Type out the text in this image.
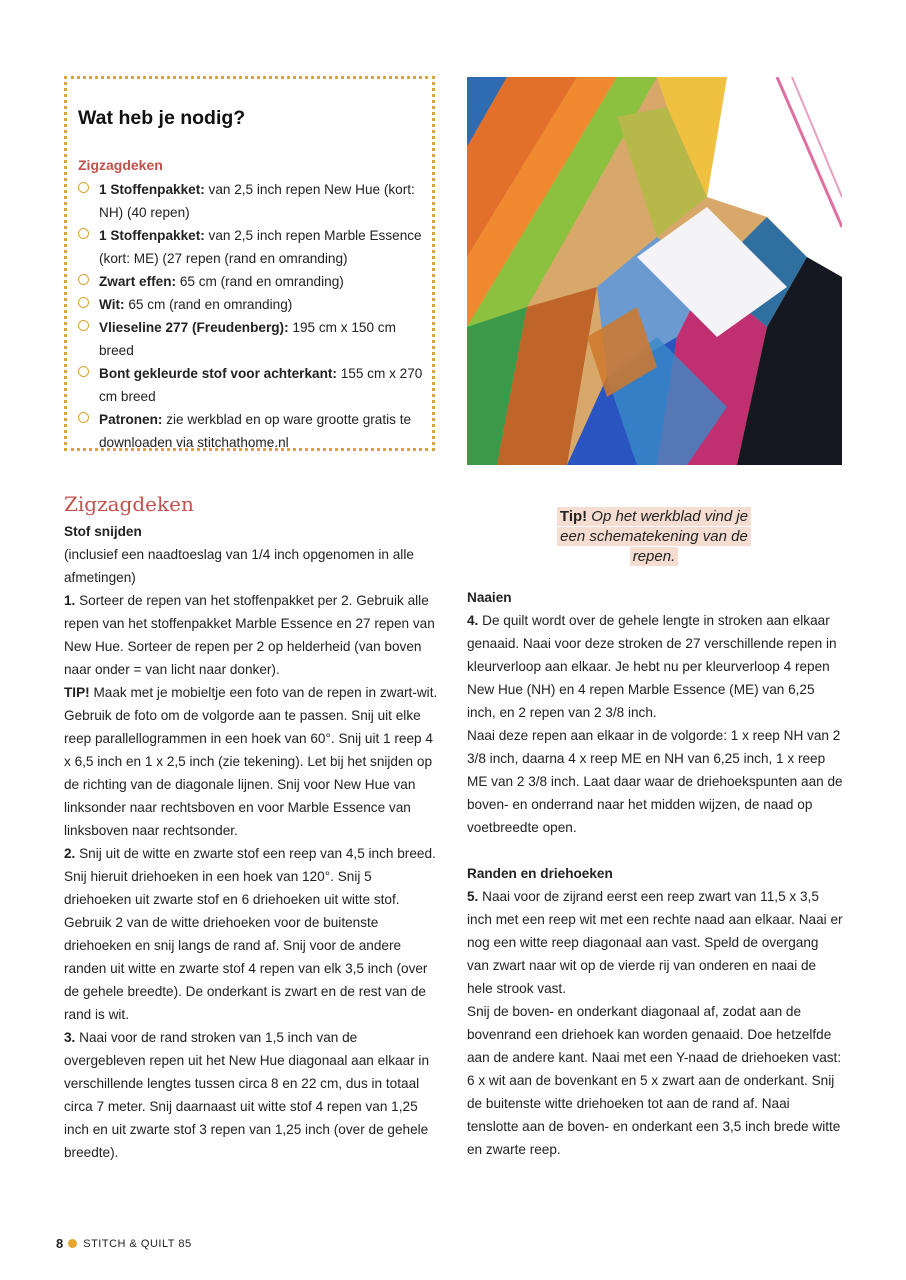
Wat heb je nodig?
Zigzagdeken
1 Stoffenpakket: van 2,5 inch repen New Hue (kort: NH) (40 repen)
1 Stoffenpakket: van 2,5 inch repen Marble Essence (kort: ME) (27 repen (rand en omranding)
Zwart effen: 65 cm (rand en omranding)
Wit: 65 cm (rand en omranding)
Vlieseline 277 (Freudenberg): 195 cm x 150 cm breed
Bont gekleurde stof voor achterkant: 155 cm x 270 cm breed
Patronen: zie werkblad en op ware grootte gratis te downloaden via stitchathome.nl
Tip! Op het werkblad vind je een schematekening van de repen.
Zigzagdeken

Stof snijden

(inclusief een naadtoeslag van 1/4 inch opgenomen in alle afmetingen)

1. Sorteer de repen van het stoffenpakket per 2. Gebruik alle repen van het stoffenpakket Marble Essence en 27 repen van New Hue. Sorteer de repen per 2 op helderheid (van boven naar onder = van licht naar donker).

TIP! Maak met je mobieltje een foto van de repen in zwart-wit. Gebruik de foto om de volgorde aan te passen. Snij uit elke reep parallellogrammen in een hoek van 60°. Snij uit 1 reep 4 x 6,5 inch en 1 x 2,5 inch (zie tekening). Let bij het snijden op de richting van de diagonale lijnen. Snij voor New Hue van linksonder naar rechtsboven en voor Marble Essence van linksboven naar rechtsonder.

2. Snij uit de witte en zwarte stof een reep van 4,5 inch breed. Snij hieruit driehoeken in een hoek van 120°. Snij 5 driehoeken uit zwarte stof en 6 driehoeken uit witte stof. Gebruik 2 van de witte driehoeken voor de buitenste driehoeken en snij langs de rand af. Snij voor de andere randen uit witte en zwarte stof 4 repen van elk 3,5 inch (over de gehele breedte). De onderkant is zwart en de rest van de rand is wit.

3. Naai voor de rand stroken van 1,5 inch van de overgebleven repen uit het New Hue diagonaal aan elkaar in verschillende lengtes tussen circa 8 en 22 cm, dus in totaal circa 7 meter. Snij daarnaast uit witte stof 4 repen van 1,25 inch en uit zwarte stof 3 repen van 1,25 inch (over de gehele breedte).

Naaien

4. De quilt wordt over de gehele lengte in stroken aan elkaar genaaid. Naai voor deze stroken de 27 verschillende repen in kleurverloop aan elkaar. Je hebt nu per kleurverloop 4 repen New Hue (NH) en 4 repen Marble Essence (ME) van 6,25 inch, en 2 repen van 2 3/8 inch.

Naai deze repen aan elkaar in de volgorde: 1 x reep NH van 2 3/8 inch, daarna 4 x reep ME en NH van 6,25 inch, 1 x reep ME van 2 3/8 inch. Laat daar waar de driehoekspunten aan de boven- en onderrand naar het midden wijzen, de naad op voetbreedte open.

Randen en driehoeken

5. Naai voor de zijrand eerst een reep zwart van 11,5 x 3,5 inch met een reep wit met een rechte naad aan elkaar. Naai er nog een witte reep diagonaal aan vast. Speld de overgang van zwart naar wit op de vierde rij van onderen en naai de hele strook vast.

Snij de boven- en onderkant diagonaal af, zodat aan de bovenrand een driehoek kan worden genaaid. Doe hetzelfde aan de andere kant. Naai met een Y-naad de driehoeken vast: 6 x wit aan de bovenkant en 5 x zwart aan de onderkant. Snij de buitenste witte driehoeken tot aan de rand af. Naai tenslotte aan de boven- en onderkant een 3,5 inch brede witte en zwarte reep.

8 STITCH & QUILT 85
